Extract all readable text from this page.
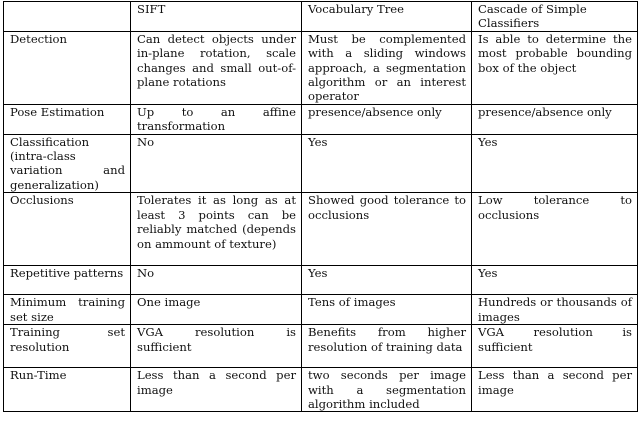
	SIFT	Vocabulary Tree	Cascade of Simple Classifiers
Detection	Can detect objects under in-plane rotation, scale changes and small out-of-plane rotations	Must be complemented with a sliding windows approach, a segmentation algorithm or an interest operator	Is able to determine the most probable bounding box of the object
Pose Estimation	Up to an affine transformation	presence/absence only	presence/absence only
Classification (intra-class variation and generalization)	No	Yes	Yes
Occlusions	Tolerates it as long as at least 3 points can be reliably matched (depends on ammount of texture)	Showed good tolerance to occlusions	Low tolerance to occlusions
Repetitive patterns	No	Yes	Yes
Minimum training set size	One image	Tens of images	Hundreds or thousands of images
Training set resolution	VGA resolution is sufficient	Benefits from higher resolution of training data	VGA resolution is sufficient
Run-Time	Less than a second per image	two seconds per image with a segmentation algorithm included	Less than a second per image
